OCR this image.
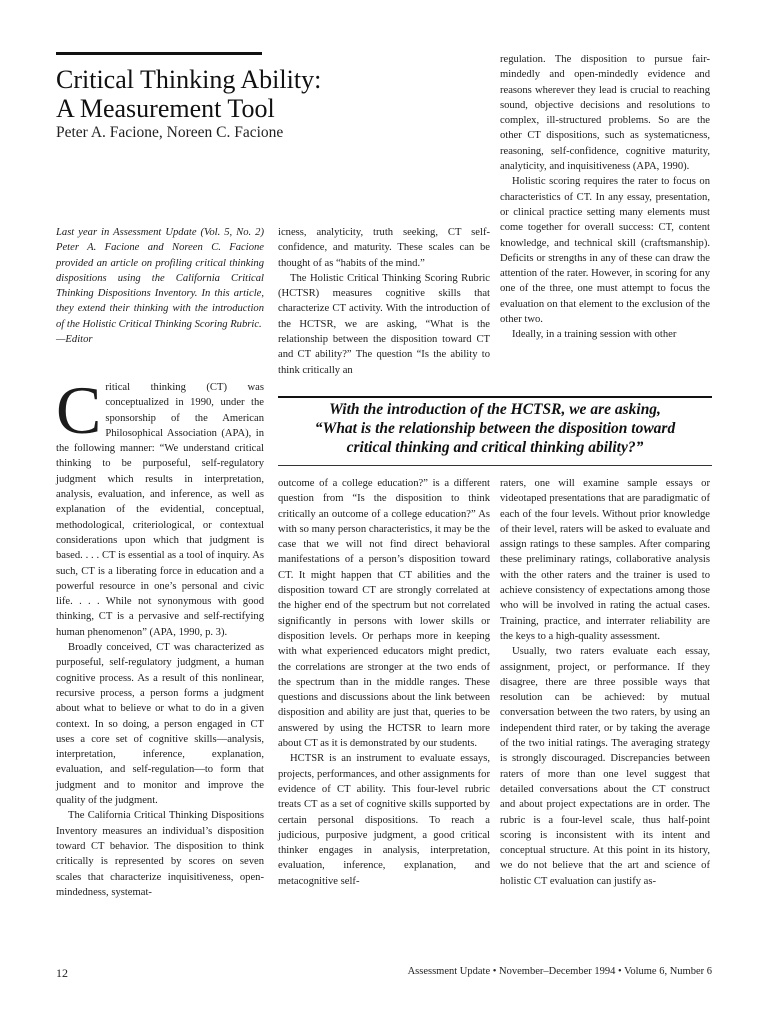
Critical Thinking Ability:
A Measurement Tool
Peter A. Facione, Noreen C. Facione

Last year in Assessment Update (Vol. 5, No. 2) Peter A. Facione and Noreen C. Facione provided an article on profiling critical thinking dispositions using the California Critical Thinking Dispositions Inventory. In this article, they extend their thinking with the introduction of the Holistic Critical Thinking Scoring Rubric.

—Editor

Critical thinking (CT) was conceptualized in 1990, under the sponsorship of the American Philosophical Association (APA), in the following manner: “We understand critical thinking to be purposeful, self-regulatory judgment which results in interpretation, analysis, evaluation, and inference, as well as explanation of the evidential, conceptual, methodological, criteriological, or contextual considerations upon which that judgment is based. . . . CT is essential as a tool of inquiry. As such, CT is a liberating force in education and a powerful resource in one’s personal and civic life. . . . While not synonymous with good thinking, CT is a pervasive and self-rectifying human phenomenon” (APA, 1990, p. 3).

Broadly conceived, CT was characterized as purposeful, self-regulatory judgment, a human cognitive process. As a result of this nonlinear, recursive process, a person forms a judgment about what to believe or what to do in a given context. In so doing, a person engaged in CT uses a core set of cognitive skills—analysis, interpretation, inference, explanation, evaluation, and self-regulation—to form that judgment and to monitor and improve the quality of the judgment.

The California Critical Thinking Dispositions Inventory measures an individual’s disposition toward CT behavior. The disposition to think critically is represented by scores on seven scales that characterize inquisitiveness, open-mindedness, systemat-

icness, analyticity, truth seeking, CT self-confidence, and maturity. These scales can be thought of as “habits of the mind.”

The Holistic Critical Thinking Scoring Rubric (HCTSR) measures cognitive skills that characterize CT activity. With the introduction of the HCTSR, we are asking, “What is the relationship between the disposition toward CT and CT ability?” The question “Is the ability to think critically an

regulation. The disposition to pursue fair-mindedly and open-mindedly evidence and reasons wherever they lead is crucial to reaching sound, objective decisions and resolutions to complex, ill-structured problems. So are the other CT dispositions, such as systematicness, reasoning, self-confidence, cognitive maturity, analyticity, and inquisitiveness (APA, 1990).

Holistic scoring requires the rater to focus on characteristics of CT. In any essay, presentation, or clinical practice setting many elements must come together for overall success: CT, content knowledge, and technical skill (craftsmanship). Deficits or strengths in any of these can draw the attention of the rater. However, in scoring for any one of the three, one must attempt to focus the evaluation on that element to the exclusion of the other two.

Ideally, in a training session with other

With the introduction of the HCTSR, we are asking,
“What is the relationship between the disposition toward
critical thinking and critical thinking ability?”

outcome of a college education?” is a different question from “Is the disposition to think critically an outcome of a college education?” As with so many person characteristics, it may be the case that we will not find direct behavioral manifestations of a person’s disposition toward CT. It might happen that CT abilities and the disposition toward CT are strongly correlated at the higher end of the spectrum but not correlated significantly in persons with lower skills or disposition levels. Or perhaps more in keeping with what experienced educators might predict, the correlations are stronger at the two ends of the spectrum than in the middle ranges. These questions and discussions about the link between disposition and ability are just that, queries to be answered by using the HCTSR to learn more about CT as it is demonstrated by our students.

HCTSR is an instrument to evaluate essays, projects, performances, and other assignments for evidence of CT ability. This four-level rubric treats CT as a set of cognitive skills supported by certain personal dispositions. To reach a judicious, purposive judgment, a good critical thinker engages in analysis, interpretation, evaluation, inference, explanation, and metacognitive self-

raters, one will examine sample essays or videotaped presentations that are paradigmatic of each of the four levels. Without prior knowledge of their level, raters will be asked to evaluate and assign ratings to these samples. After comparing these preliminary ratings, collaborative analysis with the other raters and the trainer is used to achieve consistency of expectations among those who will be involved in rating the actual cases. Training, practice, and interrater reliability are the keys to a high-quality assessment.

Usually, two raters evaluate each essay, assignment, project, or performance. If they disagree, there are three possible ways that resolution can be achieved: by mutual conversation between the two raters, by using an independent third rater, or by taking the average of the two initial ratings. The averaging strategy is strongly discouraged. Discrepancies between raters of more than one level suggest that detailed conversations about the CT construct and about project expectations are in order. The rubric is a four-level scale, thus half-point scoring is inconsistent with its intent and conceptual structure. At this point in its history, we do not believe that the art and science of holistic CT evaluation can justify as-

12	Assessment Update • November–December 1994 • Volume 6, Number 6
